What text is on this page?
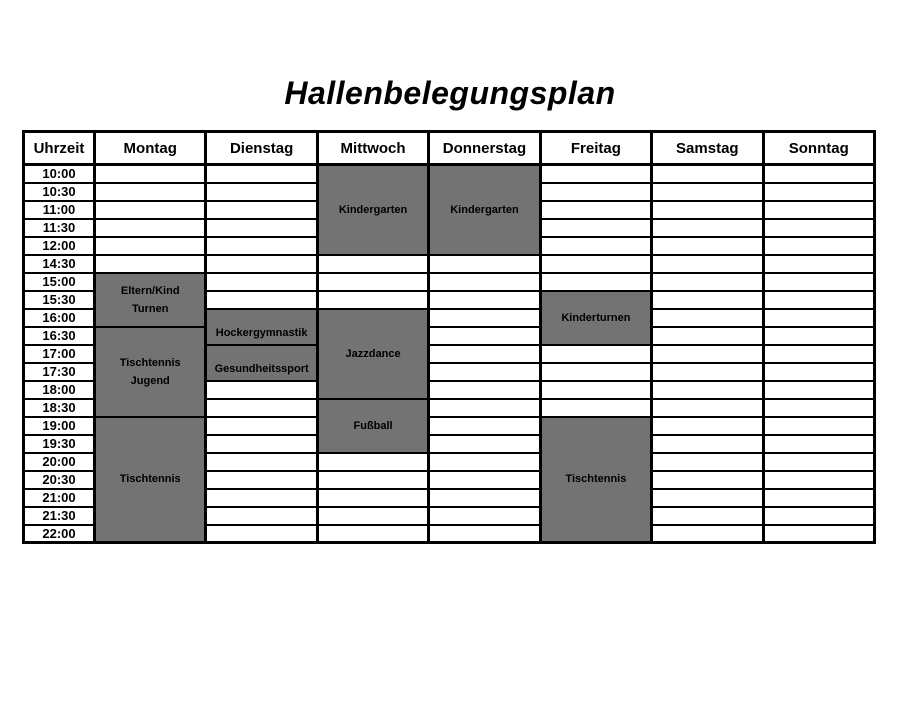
Hallenbelegungsplan
Uhrzeit	Montag	Dienstag	Mittwoch	Donnerstag	Freitag	Samstag	Sonntag
10:00			Kindergarten	Kindergarten			

10:30							
11:00							
11:30							
12:00							
14:30							
15:00	Eltern/Kind
Turnen						

15:30					Kinderturnen		

16:00		Hockergymnastik	Jazzdance				

16:30	Tischtennis
Jugend						

17:00		Gesundheitssport					

17:30							
18:00							
18:30			Fußball				

19:00	Tischtennis				Tischtennis		

19:30							
20:00							
20:30							
21:00							
21:30							
22:00							
